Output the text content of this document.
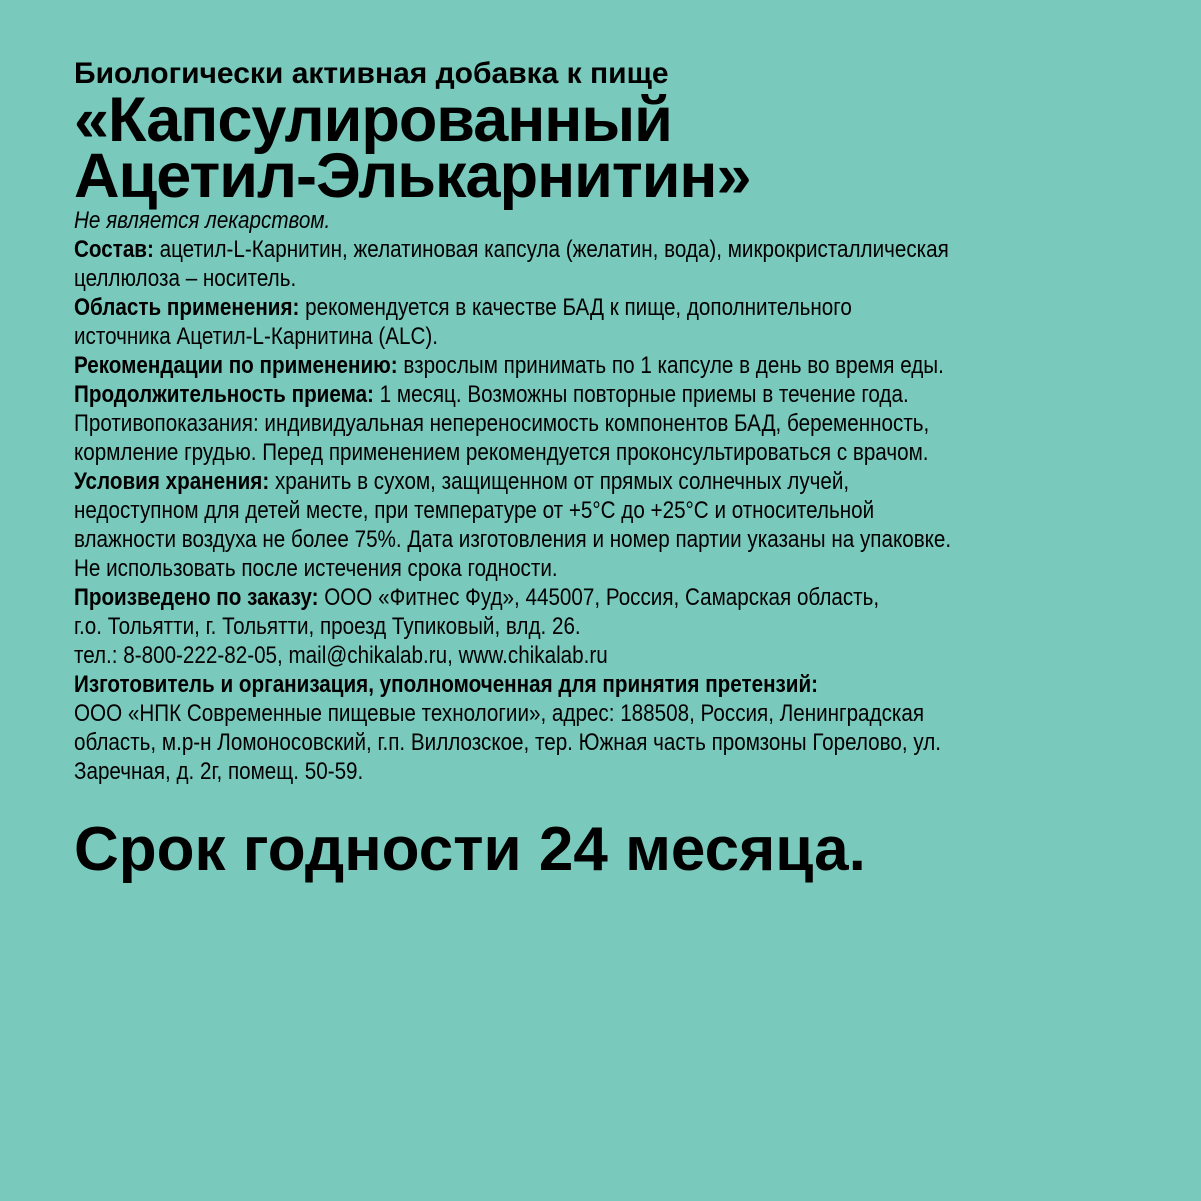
Биологически активная добавка к пище
«Капсулированный
Ацетил-Элькарнитин»
Не является лекарством.
Состав: ацетил-L-Карнитин, желатиновая капсула (желатин, вода), микрокристаллическая
целлюлоза – носитель.
Область применения: рекомендуется в качестве БАД к пище, дополнительного
источника Ацетил-L-Карнитина (ALC).
Рекомендации по применению: взрослым принимать по 1 капсуле в день во время еды.
Продолжительность приема: 1 месяц. Возможны повторные приемы в течение года.
Противопоказания: индивидуальная непереносимость компонентов БАД, беременность,
кормление грудью. Перед применением рекомендуется проконсультироваться с врачом.
Условия хранения: хранить в сухом, защищенном от прямых солнечных лучей,
недоступном для детей месте, при температуре от +5°С до +25°С и относительной
влажности воздуха не более 75%. Дата изготовления и номер партии указаны на упаковке.
Не использовать после истечения срока годности.
Произведено по заказу: ООО «Фитнес Фуд», 445007, Россия, Самарская область,
г.о. Тольятти, г. Тольятти, проезд Тупиковый, влд. 26.
тел.: 8-800-222-82-05, mail@chikalab.ru, www.chikalab.ru
Изготовитель и организация, уполномоченная для принятия претензий:
ООО «НПК Современные пищевые технологии», адрес: 188508, Россия, Ленинградская
область, м.р-н Ломоносовский, г.п. Виллозское, тер. Южная часть промзоны Горелово, ул.
Заречная, д. 2г, помещ. 50-59.
Срок годности 24 месяца.
